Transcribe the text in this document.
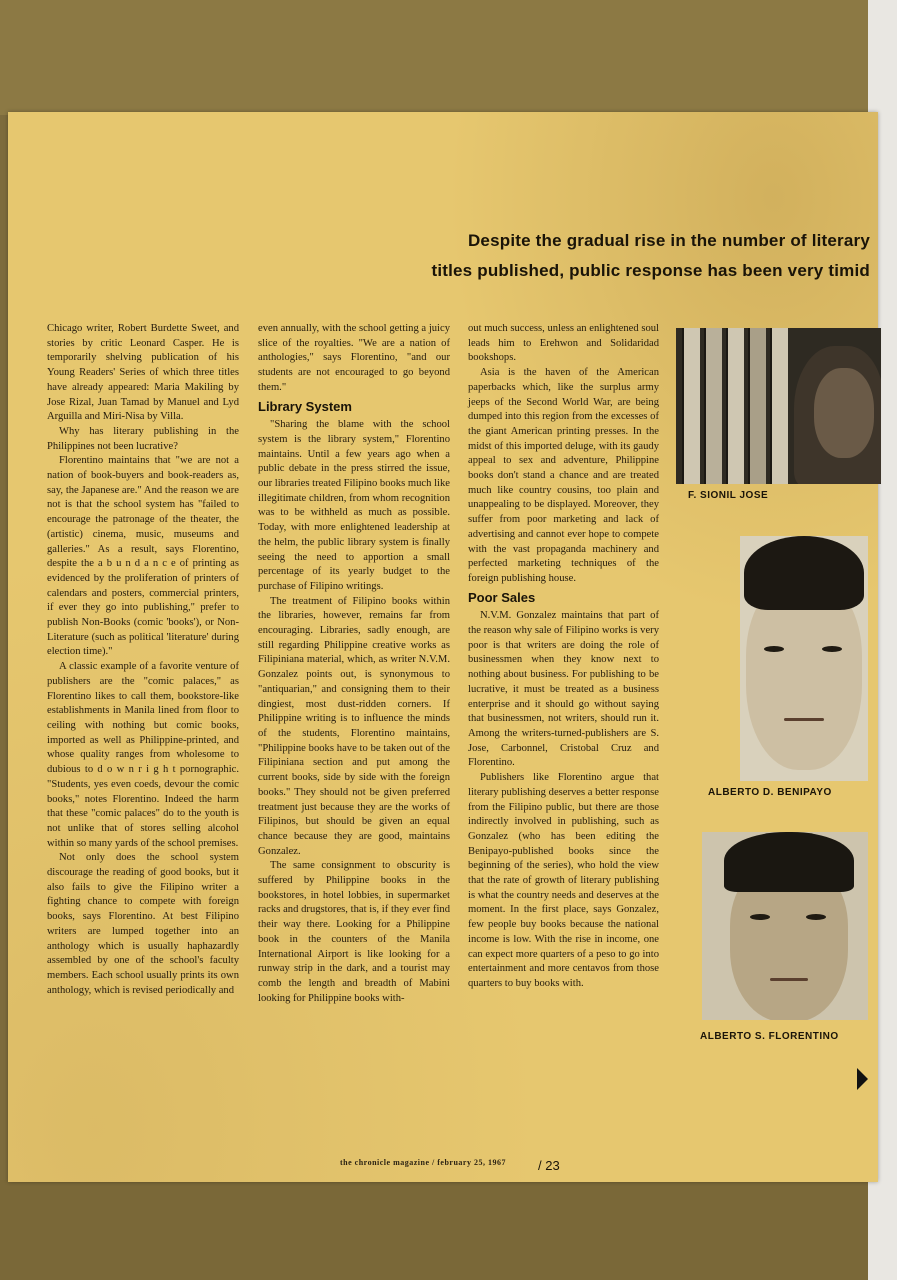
Despite the gradual rise in the number of literary
titles published, public response has been very timid

Chicago writer, Robert Burdette Sweet, and stories by critic Leonard Casper. He is temporarily shelving publication of his Young Readers' Series of which three titles have already appeared: Maria Makiling by Jose Rizal, Juan Tamad by Manuel and Lyd Arguilla and Miri-Nisa by Villa.

Why has literary publishing in the Philippines not been lucrative?

Florentino maintains that "we are not a nation of book-buyers and book-readers as, say, the Japanese are." And the reason we are not is that the school system has "failed to encourage the patronage of the theater, the (artistic) cinema, music, museums and galleries." As a result, says Florentino, despite the a b u n d a n c e of printing as evidenced by the proliferation of printers of calendars and posters, commercial printers, if ever they go into publishing," prefer to publish Non-Books (comic 'books'), or Non-Literature (such as political 'literature' during election time)."

A classic example of a favorite venture of publishers are the "comic palaces," as Florentino likes to call them, bookstore-like establishments in Manila lined from floor to ceiling with nothing but comic books, imported as well as Philippine-printed, and whose quality ranges from wholesome to dubious to d o w n r i g h t pornographic. "Students, yes even coeds, devour the comic books," notes Florentino. Indeed the harm that these "comic palaces" do to the youth is not unlike that of stores selling alcohol within so many yards of the school premises.

Not only does the school system discourage the reading of good books, but it also fails to give the Filipino writer a fighting chance to compete with foreign books, says Florentino. At best Filipino writers are lumped together into an anthology which is usually haphazardly assembled by one of the school's faculty members. Each school usually prints its own anthology, which is revised periodically and

even annually, with the school getting a juicy slice of the royalties. "We are a nation of anthologies," says Florentino, "and our students are not encouraged to go beyond them."

Library System

"Sharing the blame with the school system is the library system," Florentino maintains. Until a few years ago when a public debate in the press stirred the issue, our libraries treated Filipino books much like illegitimate children, from whom recognition was to be withheld as much as possible. Today, with more enlightened leadership at the helm, the public library system is finally seeing the need to apportion a small percentage of its yearly budget to the purchase of Filipino writings.

The treatment of Filipino books within the libraries, however, remains far from encouraging. Libraries, sadly enough, are still regarding Philippine creative works as Filipiniana material, which, as writer N.V.M. Gonzalez points out, is synonymous to "antiquarian," and consigning them to their dingiest, most dust-ridden corners. If Philippine writing is to influence the minds of the students, Florentino maintains, "Philippine books have to be taken out of the Filipiniana section and put among the current books, side by side with the foreign books." They should not be given preferred treatment just because they are the works of Filipinos, but should be given an equal chance because they are good, maintains Gonzalez.

The same consignment to obscurity is suffered by Philippine books in the bookstores, in hotel lobbies, in supermarket racks and drugstores, that is, if they ever find their way there. Looking for a Philippine book in the counters of the Manila International Airport is like looking for a runway strip in the dark, and a tourist may comb the length and breadth of Mabini looking for Philippine books with-

out much success, unless an enlightened soul leads him to Erehwon and Solidaridad bookshops.

Asia is the haven of the American paperbacks which, like the surplus army jeeps of the Second World War, are being dumped into this region from the excesses of the giant American printing presses. In the midst of this imported deluge, with its gaudy appeal to sex and adventure, Philippine books don't stand a chance and are treated much like country cousins, too plain and unappealing to be displayed. Moreover, they suffer from poor marketing and lack of advertising and cannot ever hope to compete with the vast propaganda machinery and perfected marketing techniques of the foreign publishing house.

Poor Sales

N.V.M. Gonzalez maintains that part of the reason why sale of Filipino works is very poor is that writers are doing the role of businessmen when they know next to nothing about business. For publishing to be lucrative, it must be treated as a business enterprise and it should go without saying that businessmen, not writers, should run it. Among the writers-turned-publishers are S. Jose, Carbonnel, Cristobal Cruz and Florentino.

Publishers like Florentino argue that literary publishing deserves a better response from the Filipino public, but there are those indirectly involved in publishing, such as Gonzalez (who has been editing the Benipayo-published books since the beginning of the series), who hold the view that the rate of growth of literary publishing is what the country needs and deserves at the moment. In the first place, says Gonzalez, few people buy books because the national income is low. With the rise in income, one can expect more quarters of a peso to go into entertainment and more centavos from those quarters to buy books with.

F. SIONIL JOSE
ALBERTO D. BENIPAYO
ALBERTO S. FLORENTINO
the chronicle magazine / february 25, 1967 / 23
